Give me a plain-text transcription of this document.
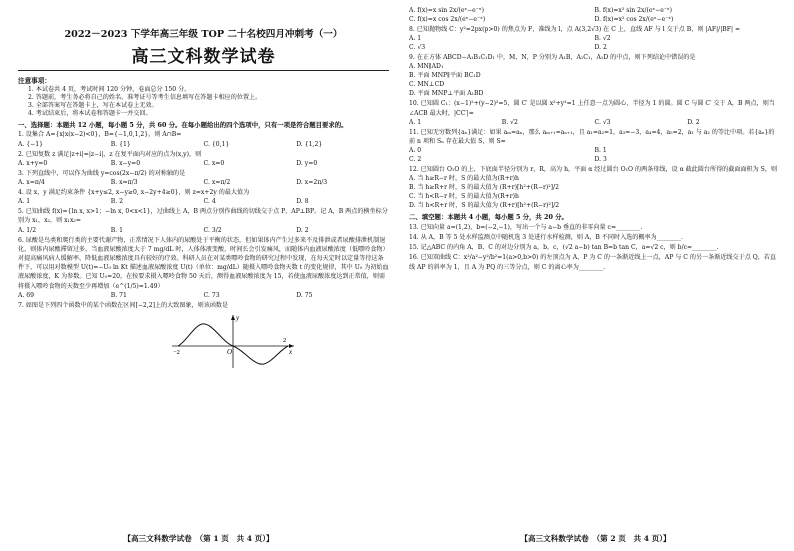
2022－2023 下学年高三年级 TOP 二十名校四月冲刺考（一）
高三文科数学试卷
注意事项：
1. 本试卷共 4 页，考试时间 120 分钟，卷面总分 150 分。
2. 答题前，考生务必将自己的姓名、准考证号等考生信息填写在答题卡相应的位置上。
3. 全部答案写在答题卡上，写在本试卷上无效。
4. 考试结束后，将本试卷和答题卡一并交回。
一、选择题：本题共 12 小题，每小题 5 分，共 60 分。在每小题给出的四个选项中，只有一项是符合题目要求的。
1. 设集合 A={x|x(x−2)<0}，B={−1,0,1,2}，则 A∩B=
A. {−1}	B. {1}	C. {0,1}	D. {1,2}
2. 已知复数 z 满足|z+i|=|z−i|，z 在复平面内对应的点为(x,y)，则
A. x+y=0	B. x−y=0	C. x=0	D. y=0
3. 下列直线中，可以作为曲线 y=cos(2x−π/2) 的对称轴的是
A. x=π/4	B. x=π/3	C. x=π/2	D. x=2π/3
4. 设 x，y 满足约束条件 {x+y≤2, x−y≥0, x−2y+4≥0}，则 z=x+2y 的最大值为
A. 1	B. 2	C. 4	D. 8
5. 已知曲线 f(x)={ln x, x>1；−ln x, 0<x<1}，过曲线上 A，B 两点分别作曲线的切线交于点 P，AP⊥BP。记 A，B 两点的横坐标分别为 x₁，x₂，则 x₁x₂=
A. 1/2	B. 1	C. 3/2	D. 2
6. 尿酸是鸟类和爬行类的主要代谢产物，正常情况下人体内的尿酸处于平衡的状态，但如果体内产生过多来不及排泄或者尿酸排泄机制退化，则体内尿酸滞留过多，当血液尿酸浓度大于 7 mg/dL 时，人体体液变酸，时间长会引发痛风，而随体内血液尿酸浓度（低嘌呤食物）对提高痛风病人缓解率、降低血液尿酸浓度具有较好的疗效。科研人员在对某类嘌呤食物的研究过程中发现，在每天定时以定量等待这条件下，可以用对数模型 U(t)=−U₀ ln Kt 描述血液尿酸浓度 U(t)（单位：mg/dL）随摄入嘌呤食物天数 t 的变化规律，其中 U₀ 为初始血液尿酸浓度，K 为参数。已知 U₀=20，在按要求摄入嘌呤食物 50 天后，测得血液尿酸浓度为 15，若使血液尿酸浓度达到正常值，则需将摄入嘌呤食物的天数至少再增加（e^(1/5)≈1.49）
A. 69	B. 71	C. 73	D. 75
7. 如图是下列四个函数中的某个函数在区间[−2,2]上的大致图象，则该函数是
y
x
O
−2
2
【高三文科数学试卷　（第 1 页　共 4 页）】
A. f(x)=x sin 2x/(eˣ−e⁻ˣ)	B. f(x)=x² sin 2x/(eˣ−e⁻ˣ)
C. f(x)=x cos 2x/(eˣ−e⁻ˣ)	D. f(x)=x² cos 2x/(eˣ−e⁻ˣ)
8. 已知抛物线 C：y²=2px(p>0) 的焦点为 F，准线为 l，点 A(3,2√3) 在 C 上，直线 AF 与 l 交于点 B，则 |AF|/|BF| =
A. 1	B. √2
C. √3	D. 2
9. 在正方体 ABCD−A₁B₁C₁D₁ 中，M，N，P 分别为 A₁B，A₁C₁，A₁D 的中点，则下列结论中错误的是
A. MN∥AD₁
B. 平面 MNP∥平面 BC₁D
C. MN⊥CD
D. 平面 MNP⊥平面 A₁BD
10. 已知圆 C₁：(x−1)²+(y−2)²=5，圆 C′ 是以圆 x²+y²=1 上任意一点为圆心，半径为 1 的圆。圆 C 与圆 C′ 交于 A，B 两点，则当∠ACB 最大时，|CC′|=
A. 1	B. √2	C. √3	D. 2
11. 已知无穷数列{aₙ}满足：如果 aₘ=aₙ，那么 aₘ₊₁=aₙ₊₁，且 a₁=a₂=1，a₃=−3，a₄=4，a₅=2，a₁ 与 a₂ 的等比中项。若{aₙ}的前 n 项和 Sₙ 存在最大值 S，则 S=
A. 0	B. 1
C. 2	D. 3
12. 已知圆台 O₁O 的上、下底面半径分别为 r，R，高为 h，平面 α 经过圆台 O₁O 的两条母线，设 α 截此圆台所得的截面面积为 S，则
A. 当 h≥R−r 时，S 的最大值为(R+r)h
B. 当 h≥R+r 时，S 的最大值为 (R+r)[h²+(R−r)²]/2
C. 当 h<R−r 时，S 的最大值为(R+r)h
D. 当 h<R+r 时，S 的最大值为 (R+r)[h²+(R−r)²]/2
二、填空题：本题共 4 小题，每小题 5 分，共 20 分。
13. 已知向量 a=(1,2)，b=(−2,−1)，写出一个与 a−b 垂直的非零向量 c=________.
14. 从 A，B 等 5 处水样监测点中随机选 3 处进行水样检测，则 A，B 不同时入选的概率为________.
15. 记△ABC 的内角 A，B，C 的对边分别为 a，b，c，(√2 a−b) tan B=b tan C，a=√2 c，则 b/c=________.
16. 已知双曲线 C：x²/a²−y²/b²=1(a>0,b>0) 的左顶点为 A，P 为 C 的一条渐近线上一点，AP 与 C 的另一条渐近线交于点 Q，若直线 AP 的斜率为 1，且 A 为 PQ 的三等分点，则 C 的离心率为________.
【高三文科数学试卷　（第 2 页　共 4 页）】
